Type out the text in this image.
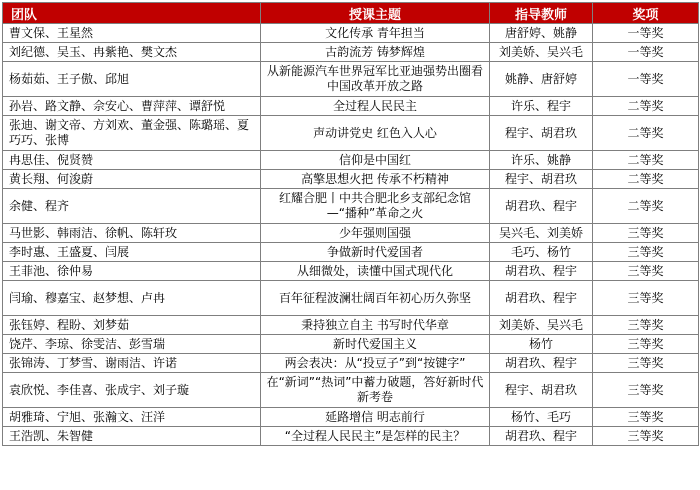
团队	授课主题	指导教师	奖项
曹文保、王星然	文化传承 青年担当	唐舒婷、姚静	一等奖
刘纪德、吴玉、冉紫艳、樊文杰	古韵流芳 铸梦辉煌	刘美娇、吴兴毛	一等奖
杨茹茹、王子傲、邱旭	从新能源汽车世界冠军比亚迪强势出圈看中国改革开放之路	姚静、唐舒婷	一等奖
孙岩、路文静、佘安心、曹萍萍、谭舒悦	全过程人民民主	许乐、程宇	二等奖
张迪、谢文帝、方刘欢、董金强、陈璐瑶、夏巧巧、张博	声动讲党史 红色入人心	程宇、胡君玖	二等奖
冉思佳、倪贤赞	信仰是中国红	许乐、姚静	二等奖
黄长翔、何浚蔚	高擎思想火把 传承不朽精神	程宇、胡君玖	二等奖
余健、程齐	红耀合肥丨中共合肥北乡支部纪念馆—“播种”革命之火	胡君玖、程宇	二等奖
马世影、韩雨洁、徐帆、陈轩玫	少年强则国强	吴兴毛、刘美娇	三等奖
李时惠、王盛夏、闫展	争做新时代爱国者	毛巧、杨竹	三等奖
王菲池、徐仲易	从细微处，读懂中国式现代化	胡君玖、程宇	三等奖
闫瑜、穆嘉宝、赵梦想、卢冉	百年征程波澜壮阔百年初心历久弥坚	胡君玖、程宇	三等奖
张钰婷、程盼、刘梦茹	秉持独立自主 书写时代华章	刘美娇、吴兴毛	三等奖
饶芹、李琼、徐雯洁、彭雪瑞	新时代爱国主义	杨竹	三等奖
张锦涛、丁梦雪、谢雨洁、许诺	两会表决：从“投豆子”到“按键字”	胡君玖、程宇	三等奖
袁欣悦、李佳喜、张成宇、刘子璇	在“新词”“热词”中蓄力破题，答好新时代新考卷	程宇、胡君玖	三等奖
胡雅琦、宁旭、张瀚文、汪洋	延路增信 明志前行	杨竹、毛巧	三等奖
王浩凯、朱智健	“全过程人民民主”是怎样的民主？	胡君玖、程宇	三等奖
